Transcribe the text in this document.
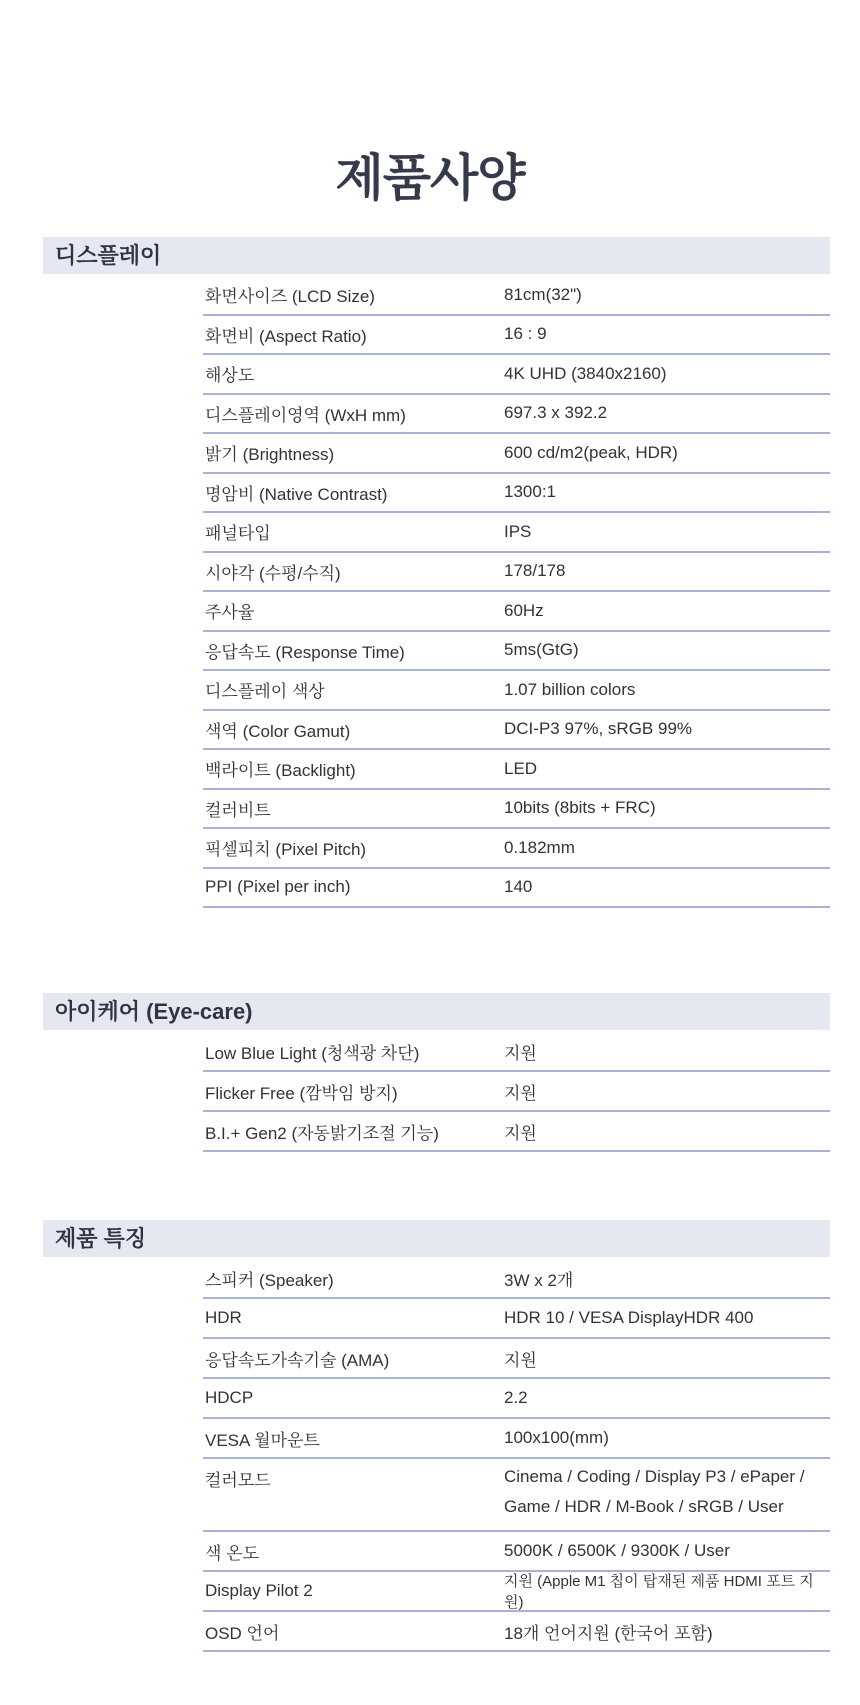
제품사양
디스플레이
화면사이즈 (LCD Size)	81cm(32")
화면비 (Aspect Ratio)	16 : 9
해상도	4K UHD (3840x2160)
디스플레이영역 (WxH mm)	697.3 x 392.2
밝기 (Brightness)	600 cd/m2(peak, HDR)
명암비 (Native Contrast)	1300:1
패널타입	IPS
시야각 (수평/수직)	178/178
주사율	60Hz
응답속도 (Response Time)	5ms(GtG)
디스플레이 색상	1.07 billion colors
색역 (Color Gamut)	DCI-P3 97%, sRGB 99%
백라이트 (Backlight)	LED
컬러비트	10bits (8bits + FRC)
픽셀피치 (Pixel Pitch)	0.182mm
PPI (Pixel per inch)	140
아이케어 (Eye-care)
Low Blue Light (청색광 차단)	지원
Flicker Free (깜박임 방지)	지원
B.I.+ Gen2 (자동밝기조절 기능)	지원
제품 특징
스피커 (Speaker)	3W x 2개
HDR	HDR 10 / VESA DisplayHDR 400
응답속도가속기술 (AMA)	지원
HDCP	2.2
VESA 월마운트	100x100(mm)
컬러모드	Cinema / Coding / Display P3 / ePaper / Game / HDR / M-Book / sRGB / User
색 온도	5000K / 6500K / 9300K / User
Display Pilot 2	지원 (Apple M1 칩이 탑재된 제품 HDMI 포트 지원)
OSD 언어	18개 언어지원 (한국어 포함)
